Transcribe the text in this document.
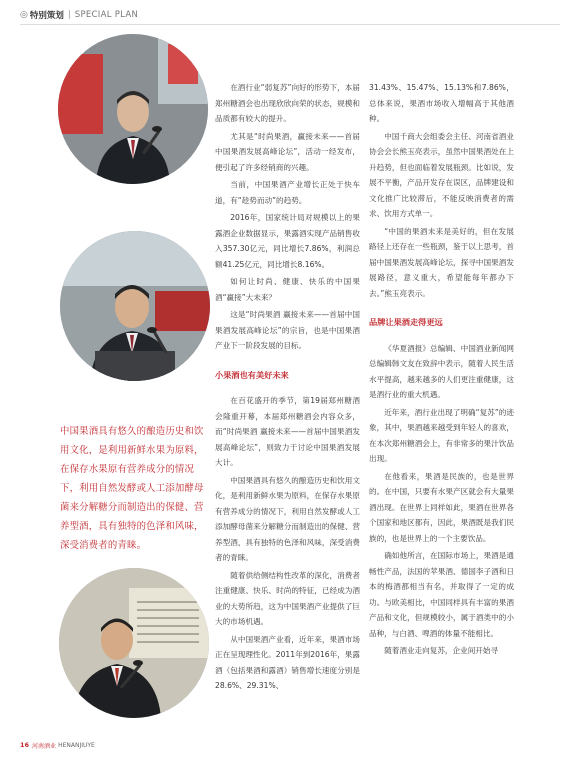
◎ 特别策划 | SPECIAL PLAN
中国果酒具有悠久的酿造历史和饮用文化，是利用新鲜水果为原料，在保存水果原有营养成分的情况下，利用自然发酵或人工添加酵母菌来分解糖分而制造出的保健、营养型酒，具有独特的色泽和风味，深受消费者的青睐。

在酒行业“弱复苏”向好的形势下，本届郑州糖酒会也出现欣欣向荣的状态，规模和品质都有较大的提升。

尤其是“时尚果酒，赢接未来——首届中国果酒发展高峰论坛”，活动一经发布，便引起了许多经销商的兴趣。

当前，中国果酒产业增长正处于快车道，有“趁势而动”的趋势。

2016年，国家统计局对规模以上的果露酒企业数据显示，果露酒实现产品销售收入357.30亿元，同比增长7.86%，利润总额41.25亿元，同比增长8.16%。

如何让时尚、健康、快乐的中国果酒“赢接”大未来？

这是“时尚果酒 赢接未来——首届中国果酒发展高峰论坛”的宗旨，也是中国果酒产业下一阶段发展的目标。

小果酒也有美好未来

在百花盛开的季节，第19届郑州糖酒会隆重开幕，本届郑州糖酒会内容众多，而“时尚果酒 赢接未来——首届中国果酒发展高峰论坛”，则致力于讨论中国果酒发展大计。

中国果酒具有悠久的酿造历史和饮用文化，是利用新鲜水果为原料，在保存水果原有营养成分的情况下，利用自然发酵或人工添加酵母菌来分解糖分而制造出的保健、营养型酒，具有独特的色泽和风味，深受消费者的青睐。

随着供给侧结构性改革的深化，消费者注重健康、快乐、时尚的特征，已经成为酒业的大势所趋，这为中国果酒产业提供了巨大的市场机遇。

从中国果酒产业看，近年来，果酒市场正在呈现理性化。2011年到2016年，果露酒（包括果酒和露酒）销售增长速度分别是28.6%、29.31%、

31.43%、15.47%、15.13%和7.86%，总体来说，果酒市场收入增幅高于其他酒种。

中国千商大会组委会主任、河南省酒业协会会长熊玉亮表示，虽然中国果酒处在上升趋势，但也面临着发展瓶颈。比如说，发展不平衡，产品开发存在误区，品牌建设和文化推广比较滞后，不能反映消费者的需求、饮用方式单一。

“中国的果酒未来是美好的，但在发展路径上还存在一些瓶颈，鉴于以上思考，首届中国果酒发展高峰论坛，探寻中国果酒发展路径，意义重大，希望能每年都办下去。”熊玉亮表示。

品牌让果酒走得更远

《华夏酒报》总编辑、中国酒业新闻网总编辑韩文友在致辞中表示，随着人民生活水平提高，越来越多的人们更注重健康，这是酒行业的重大机遇。

近年来，酒行业出现了明确“复苏”的迹象，其中，果酒越来越受到年轻人的喜欢，在本次郑州糖酒会上，有非常多的果汁饮品出现。

在他看来，果酒是民族的，也是世界的。在中国，只要有水果产区就会有大量果酒出现。在世界上同样如此，果酒在世界各个国家和地区都有，因此，果酒既是我们民族的，也是世界上的一个主要饮品。

确如他所言，在国际市场上，果酒是通畅性产品，法国的苹果酒、德国李子酒和日本的梅酒都相当有名，并取得了一定的成功。与欧美相比，中国同样具有丰富的果酒产品和文化，但规模较小，属于酒类中的小品种，与白酒、啤酒的体量不能相比。

随着酒业走向复苏，企业间开始寻

16 河南酒业 HENANJIUYE
